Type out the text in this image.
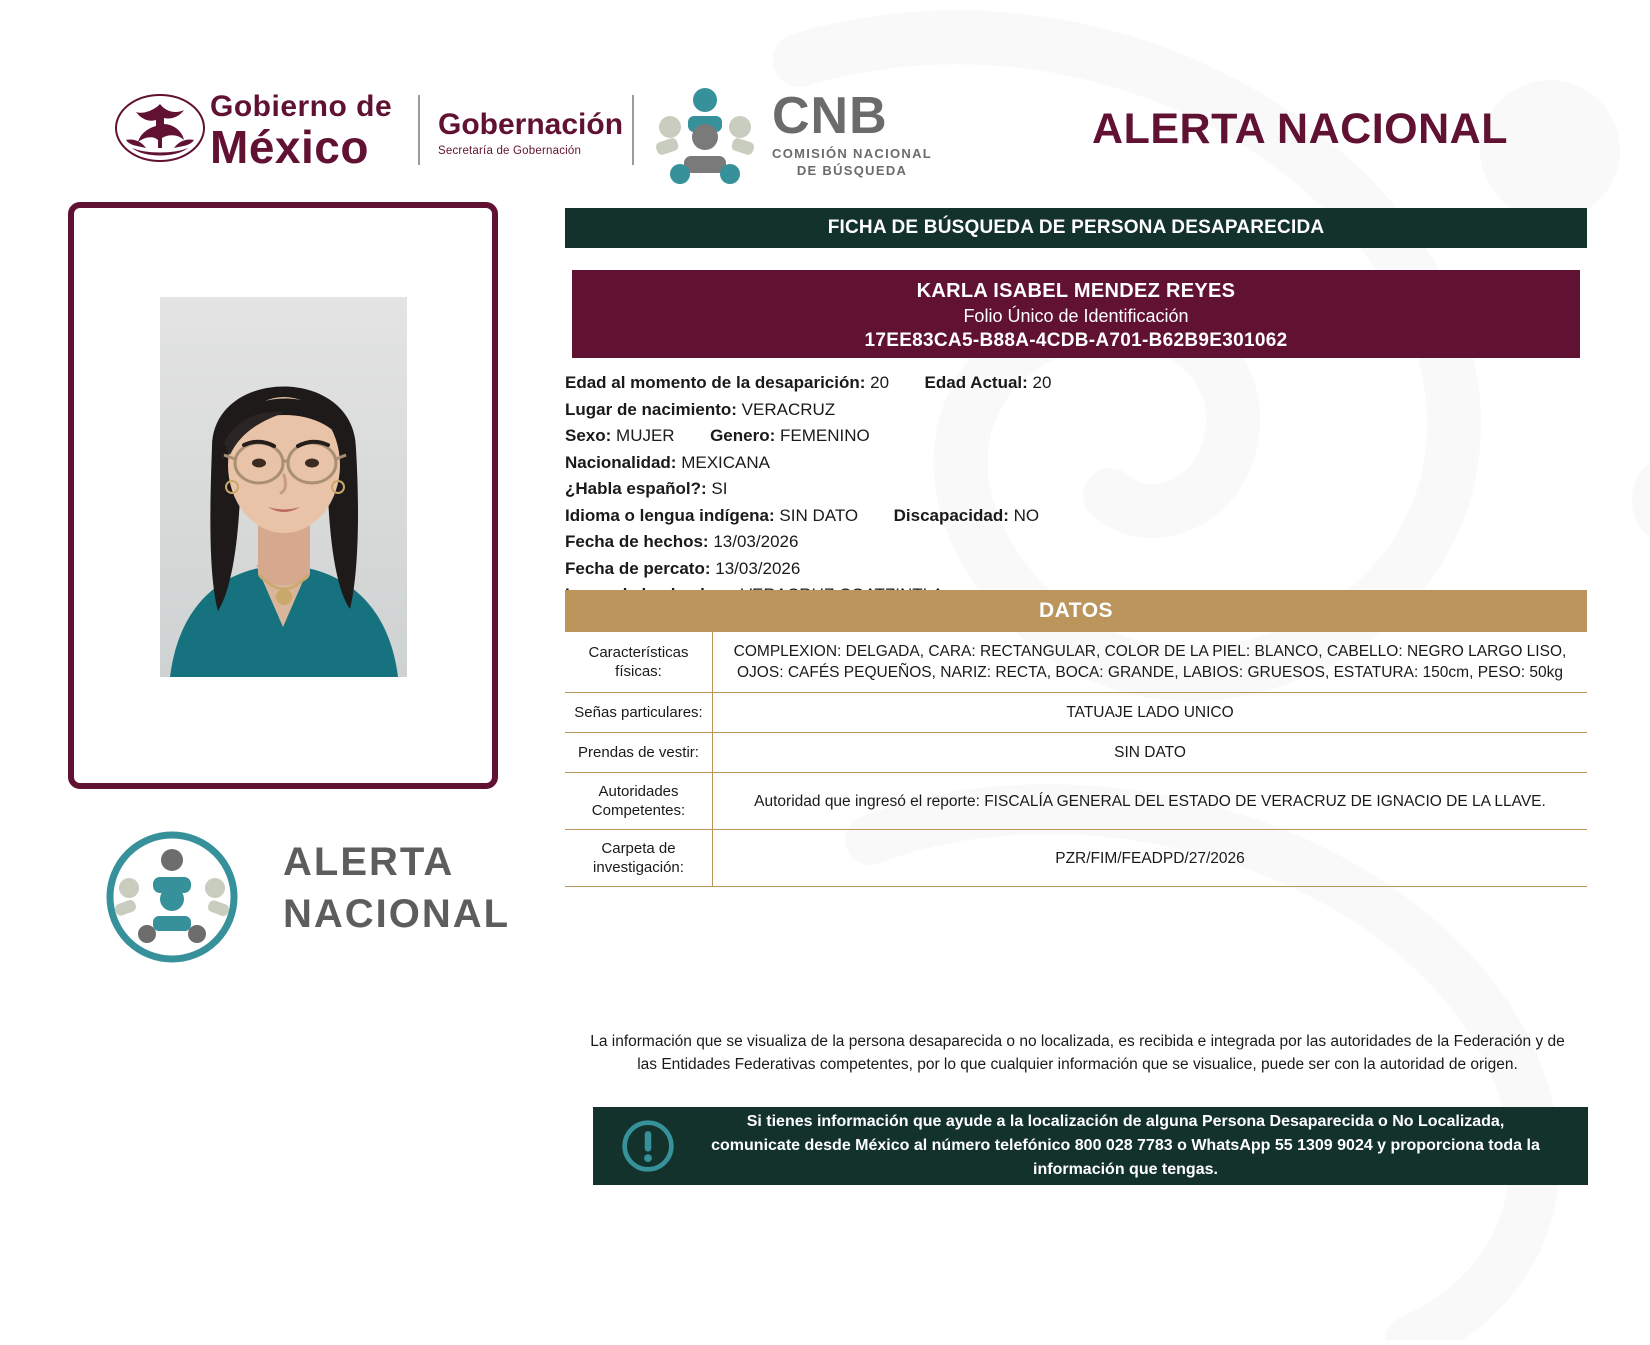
Gobierno de
México	Gobernación
Secretaría de Gobernación
CNB
COMISIÓN NACIONAL
DE BÚSQUEDA
ALERTA NACIONAL
ALERTA
NACIONAL
FICHA DE BÚSQUEDA DE PERSONA DESAPARECIDA
KARLA ISABEL MENDEZ REYES
Folio Único de Identificación
17EE83CA5-B88A-4CDB-A701-B62B9E301062
Edad al momento de la desaparición: 20 Edad Actual: 20
Lugar de nacimiento: VERACRUZ
Sexo: MUJER Genero: FEMENINO
Nacionalidad: MEXICANA
¿Habla español?: SI
Idioma o lengua indígena: SIN DATO Discapacidad: NO
Fecha de hechos: 13/03/2026
Fecha de percato: 13/03/2026
DATOS
Características físicas:	COMPLEXION: DELGADA, CARA: RECTANGULAR, COLOR DE LA PIEL: BLANCO, CABELLO: NEGRO LARGO LISO, OJOS: CAFÉS PEQUEÑOS, NARIZ: RECTA, BOCA: GRANDE, LABIOS: GRUESOS, ESTATURA: 150cm, PESO: 50kg
Señas particulares:	TATUAJE LADO UNICO
Prendas de vestir:	SIN DATO
Autoridades Competentes:	Autoridad que ingresó el reporte: FISCALÍA GENERAL DEL ESTADO DE VERACRUZ DE IGNACIO DE LA LLAVE.
Carpeta de investigación:	PZR/FIM/FEADPD/27/2026
La información que se visualiza de la persona desaparecida o no localizada, es recibida e integrada por las autoridades de la Federación y de las Entidades Federativas competentes, por lo que cualquier información que se visualice, puede ser con la autoridad de origen.
Si tienes información que ayude a la localización de alguna Persona Desaparecida o No Localizada, comunicate desde México al número telefónico 800 028 7783 o WhatsApp 55 1309 9024 y proporciona toda la información que tengas.
